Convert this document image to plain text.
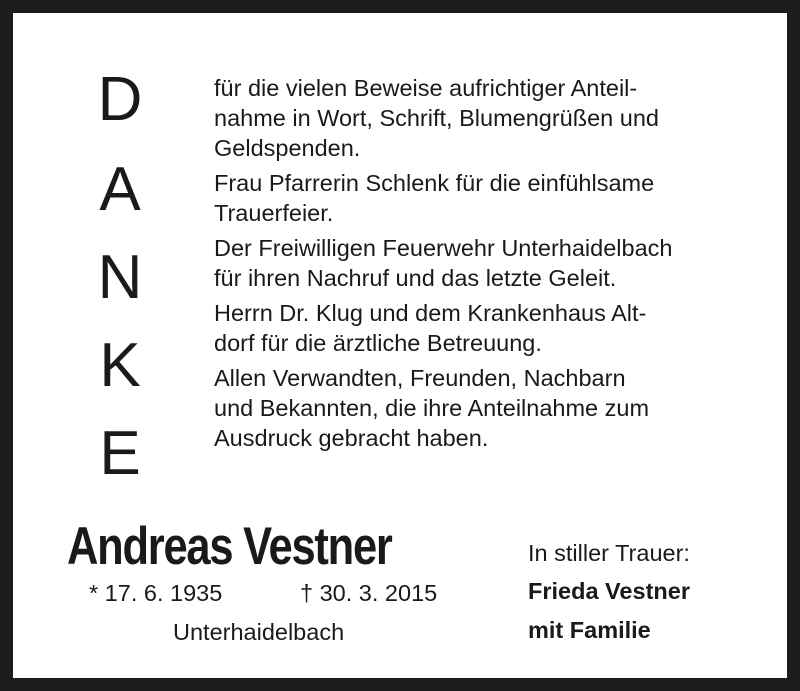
D
A
N
K
E

für die vielen Beweise aufrichtiger Anteil-
nahme in Wort, Schrift, Blumengrüßen und
Geldspenden.

Frau Pfarrerin Schlenk für die einfühlsame
Trauerfeier.

Der Freiwilligen Feuerwehr Unterhaidelbach
für ihren Nachruf und das letzte Geleit.

Herrn Dr. Klug und dem Krankenhaus Alt-
dorf für die ärztliche Betreuung.

Allen Verwandten, Freunden, Nachbarn
und Bekannten, die ihre Anteilnahme zum
Ausdruck gebracht haben.

Andreas Vestner
* 17. 6. 1935	† 30. 3. 2015
Unterhaidelbach
In stiller Trauer:
Frieda Vestner
mit Familie
